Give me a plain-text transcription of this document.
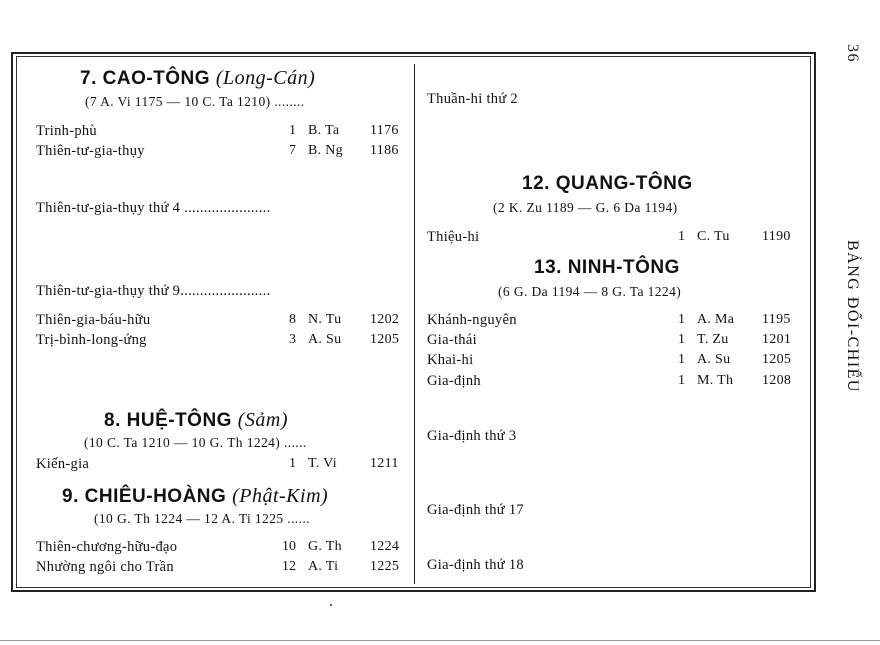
7. CAO-TÔNG (Long-Cán)
(7 A. Vi 1175 — 10 C. Ta 1210) ........
Trinh-phù	1 B. Ta 1176
Thiên-tư-gia-thụy	7 B. Ng 1186
Thiên-tư-gia-thụy thứ 4 ......................
Thiên-tư-gia-thụy thứ 9.......................
Thiên-gia-báu-hữu	8 N. Tu 1202
Trị-bình-long-ứng	3 A. Su 1205
8. HUỆ-TÔNG (Sảm)
(10 C. Ta 1210 — 10 G. Th 1224) ......
Kiến-gia	1 T. Vi 1211
9. CHIÊU-HOÀNG (Phật-Kim)
(10 G. Th 1224 — 12 A. Ti 1225 ......
Thiên-chương-hữu-đạo	10 G. Th 1224
Nhường ngôi cho Trần	12 A. Ti 1225
Thuần-hi thứ 2
12. QUANG-TÔNG
(2 K. Zu 1189 — G. 6 Da 1194)
Thiệu-hi	1 C. Tu 1190
13. NINH-TÔNG
(6 G. Da 1194 — 8 G. Ta 1224)
Khánh-nguyên	1 A. Ma 1195
Gia-thái	1 T. Zu 1201
Khai-hi	1 A. Su 1205
Gia-định	1 M. Th 1208
Gia-định thứ 3
Gia-định thứ 17
Gia-định thứ 18
36
BẢNG ĐỐI-CHIẾU
